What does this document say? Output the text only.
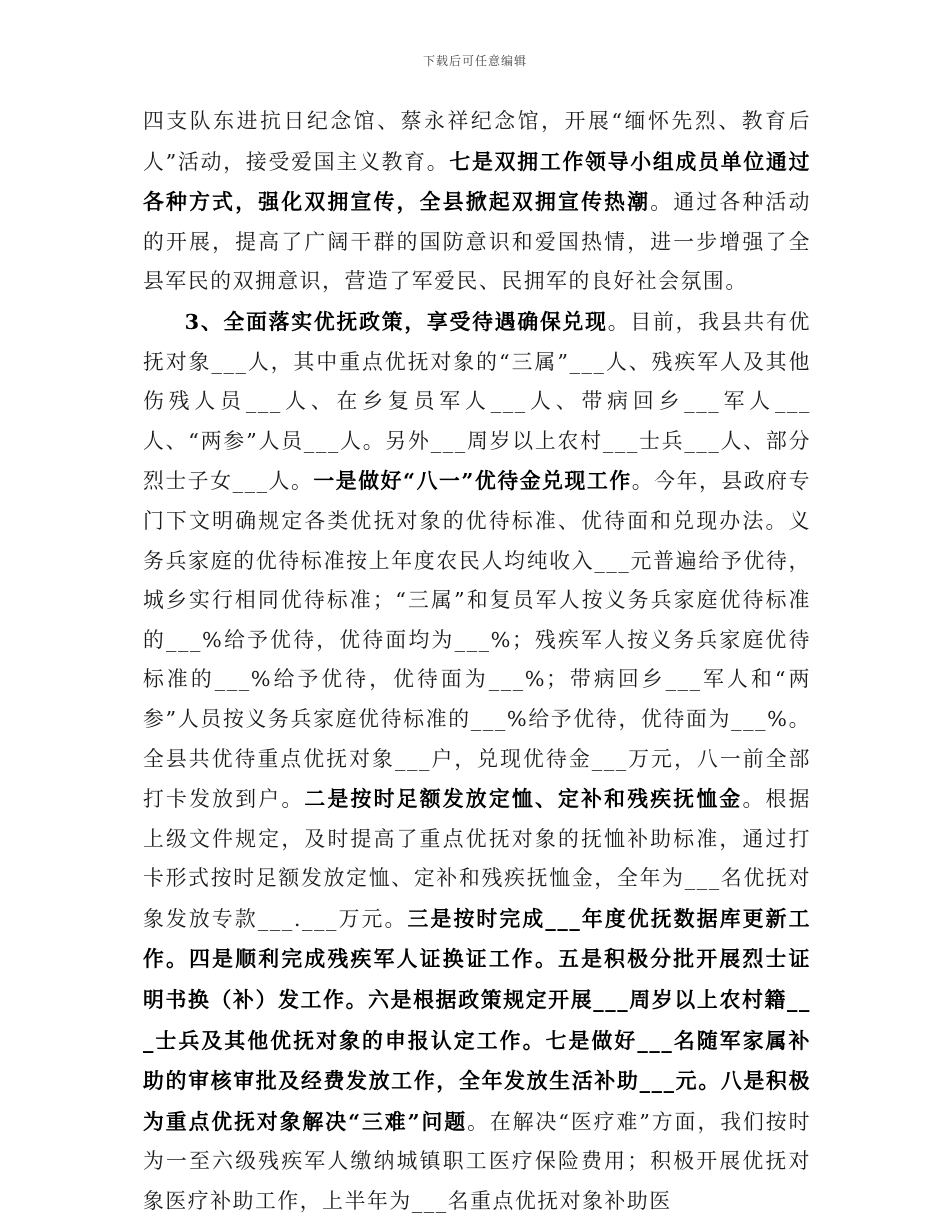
下载后可任意编辑

四支队东进抗日纪念馆、蔡永祥纪念馆，开展“缅怀先烈、教育后人”活动，接受爱国主义教育。七是双拥工作领导小组成员单位通过各种方式，强化双拥宣传，全县掀起双拥宣传热潮。通过各种活动的开展，提高了广阔干群的国防意识和爱国热情，进一步增强了全县军民的双拥意识，营造了军爱民、民拥军的良好社会氛围。

3、全面落实优抚政策，享受待遇确保兑现。目前，我县共有优抚对象___人，其中重点优抚对象的“三属”___人、残疾军人及其他伤残人员___人、在乡复员军人___人、带病回乡___军人___人、“两参”人员___人。另外___周岁以上农村___士兵___人、部分烈士子女___人。一是做好“八一”优待金兑现工作。今年，县政府专门下文明确规定各类优抚对象的优待标准、优待面和兑现办法。义务兵家庭的优待标准按上年度农民人均纯收入___元普遍给予优待，城乡实行相同优待标准；“三属”和复员军人按义务兵家庭优待标准的___%给予优待，优待面均为___%；残疾军人按义务兵家庭优待标准的___%给予优待，优待面为___%；带病回乡___军人和“两参”人员按义务兵家庭优待标准的___%给予优待，优待面为___%。全县共优待重点优抚对象___户，兑现优待金___万元，八一前全部打卡发放到户。二是按时足额发放定恤、定补和残疾抚恤金。根据上级文件规定，及时提高了重点优抚对象的抚恤补助标准，通过打卡形式按时足额发放定恤、定补和残疾抚恤金，全年为___名优抚对象发放专款___.___万元。三是按时完成___年度优抚数据库更新工作。四是顺利完成残疾军人证换证工作。五是积极分批开展烈士证明书换（补）发工作。六是根据政策规定开展___周岁以上农村籍___士兵及其他优抚对象的申报认定工作。七是做好___名随军家属补助的审核审批及经费发放工作，全年发放生活补助___元。八是积极为重点优抚对象解决“三难”问题。在解决“医疗难”方面，我们按时为一至六级残疾军人缴纳城镇职工医疗保险费用；积极开展优抚对象医疗补助工作，上半年为___名重点优抚对象补助医
